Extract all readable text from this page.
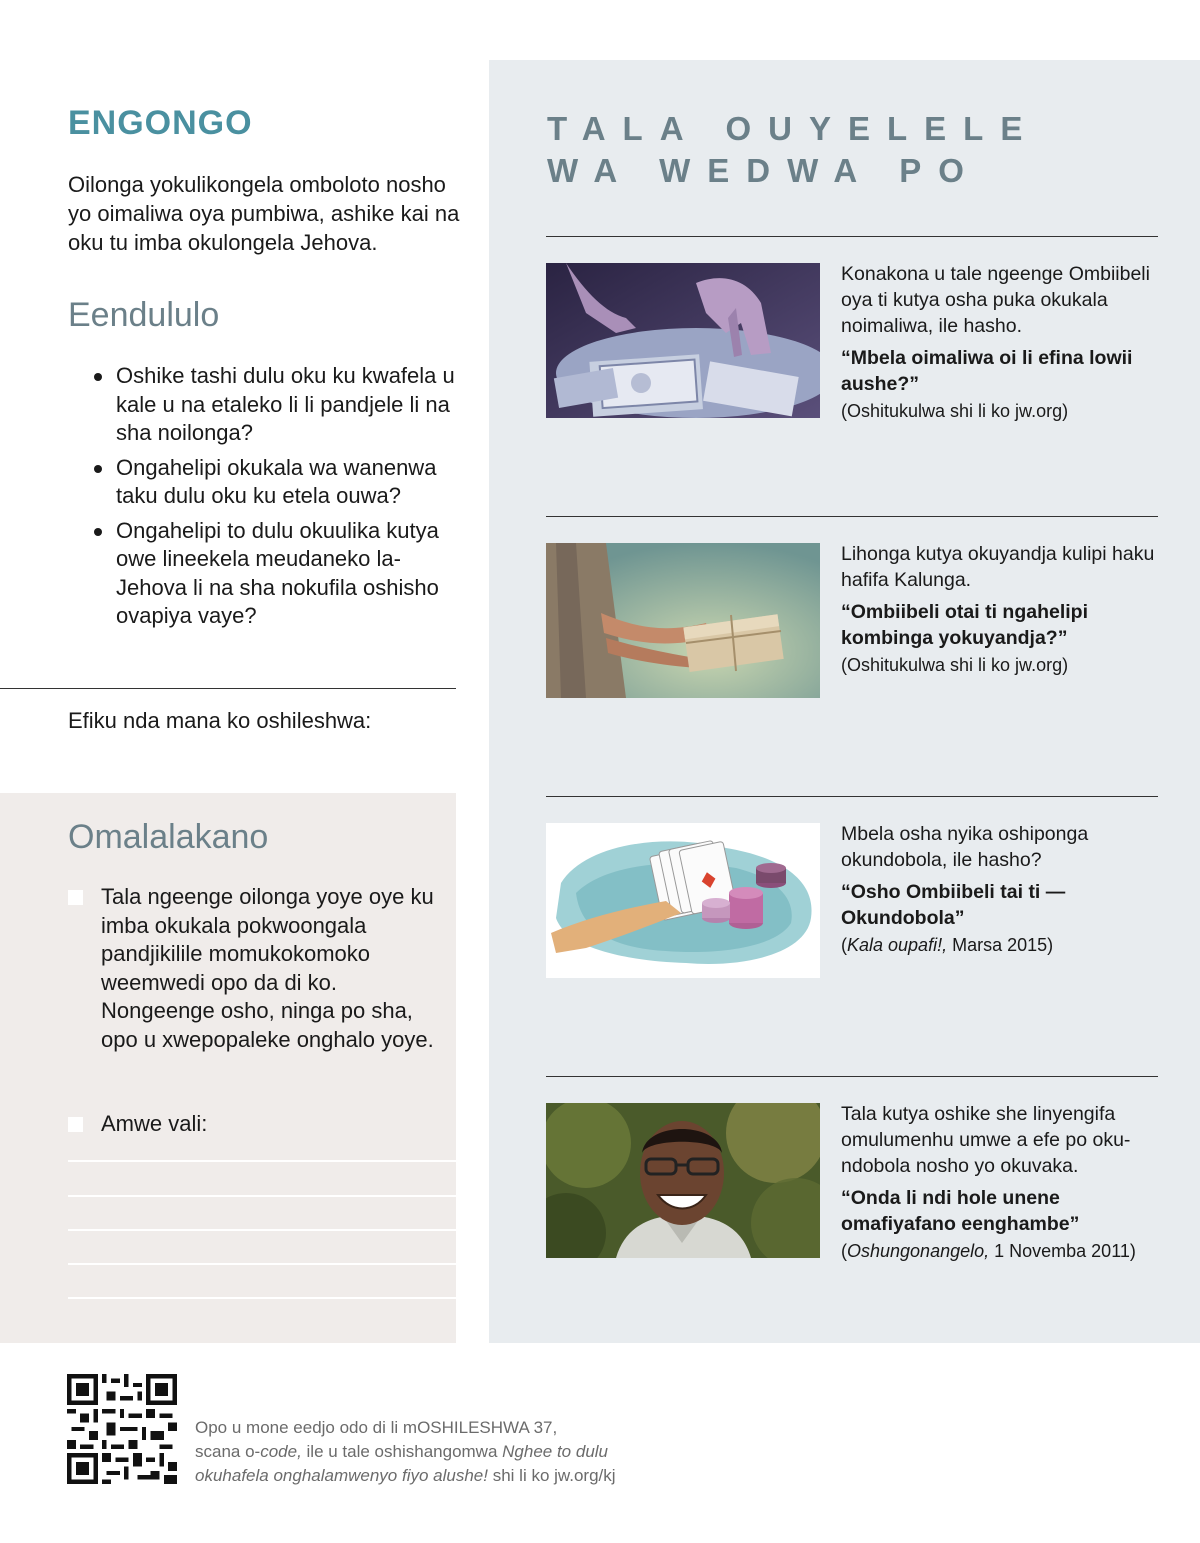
ENGONGO

Oilonga yokulikongela omboloto nosho yo oimaliwa oya pumbiwa, ashike kai na oku tu imba okulongela Jehova.

Eendululo
Oshike tashi dulu oku ku kwafela u kale u na etaleko li li pandjele li na sha noilonga?
Ongahelipi okukala wa wanenwa taku dulu oku ku etela ouwa?
Ongahelipi to dulu okuulika kutya owe lineekela meudaneko laJehova li na sha nokufila oshisho ovapiya vaye?

Efiku nda mana ko oshileshwa:

Omalalakano
Tala ngeenge oilonga yoye oye ku imba okukala pokwoongala pandjikilile momukokomoko weemwedi opo da di ko. Nongeenge osho, ninga po sha, opo u xwepopaleke onghalo yoye.
Amwe vali:
TALA OUYELELE WA WEDWA PO

Konakona u tale ngeenge Ombiibeli oya ti kutya osha puka okukala noimaliwa, ile hasho.

“Mbela oimaliwa oi li efina lowii aushe?”

(Oshitukulwa shi li ko jw.org)

Lihonga kutya okuyandja kulipi haku hafifa Kalunga.

“Ombiibeli otai ti ngahelipi kombinga yokuyandja?”

(Oshitukulwa shi li ko jw.org)

Mbela osha nyika oshiponga okundobola, ile hasho?

“Osho Ombiibeli tai ti — Okundobola”

(Kala oupafi!, Marsa 2015)

Tala kutya oshike she linyengifa omulumenhu umwe a efe po okundobola nosho yo okuvaka.

“Onda li ndi hole unene omafiyafano eenghambe”

(Oshungonangelo, 1 Novemba 2011)

Opo u mone eedjo odo di li mOSHILESHWA 37,
scana o-code, ile u tale oshishangomwa Nghee to dulu
okuhafela onghalamwenyo fiyo alushe! shi li ko jw.org/kj
